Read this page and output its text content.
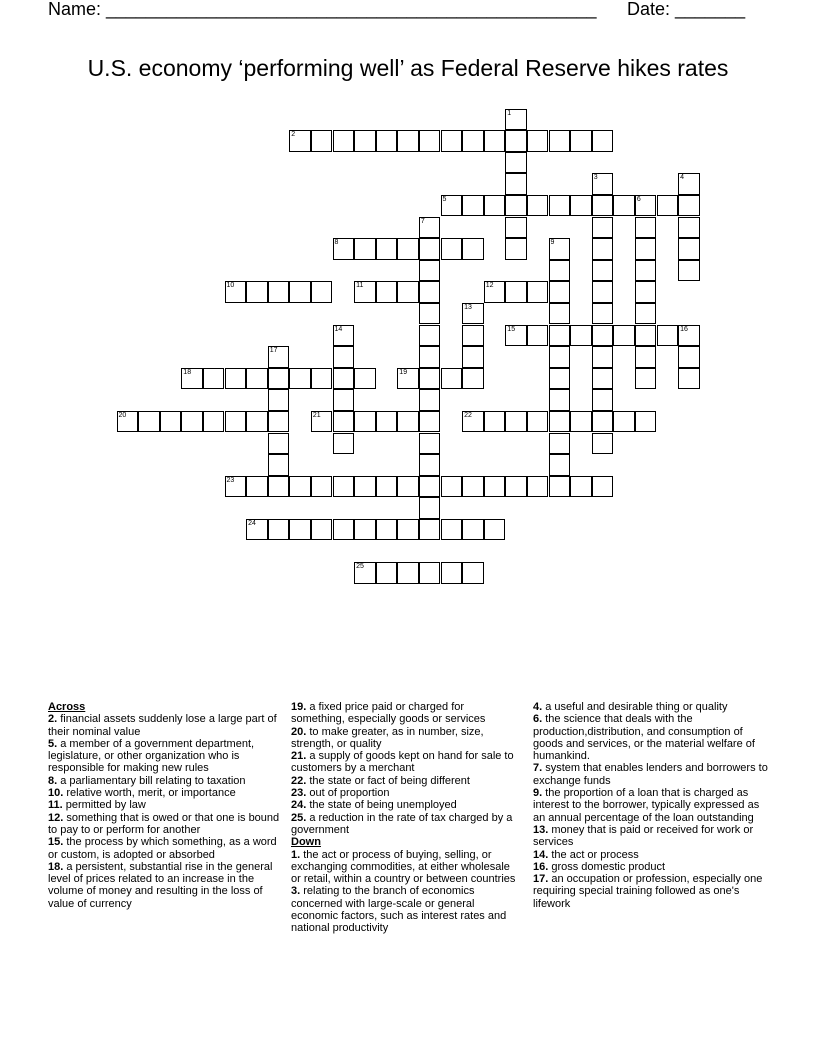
Name: _________________________________________________ Date: _______
U.S. economy ‘performing well’ as Federal Reserve hikes rates
1
2
3	4
5	6
7
8	9
10	11	12
13
14	15	16
17
18	19
20	21	22
23
24
25
Across
2. financial assets suddenly lose a large part of their nominal value
5. a member of a government department, legislature, or other organization who is responsible for making new rules
8. a parliamentary bill relating to taxation
10. relative worth, merit, or importance
11. permitted by law
12. something that is owed or that one is bound to pay to or perform for another
15. the process by which something, as a word or custom, is adopted or absorbed
18. a persistent, substantial rise in the general level of prices related to an increase in the volume of money and resulting in the loss of value of currency
19. a fixed price paid or charged for something, especially goods or services
20. to make greater, as in number, size, strength, or quality
21. a supply of goods kept on hand for sale to customers by a merchant
22. the state or fact of being different
23. out of proportion
24. the state of being unemployed
25. a reduction in the rate of tax charged by a government
Down
1. the act or process of buying, selling, or exchanging commodities, at either wholesale or retail, within a country or between countries
3. relating to the branch of economics concerned with large-scale or general economic factors, such as interest rates and national productivity
4. a useful and desirable thing or quality
6. the science that deals with the production,distribution, and consumption of goods and services, or the material welfare of humankind.
7. system that enables lenders and borrowers to exchange funds
9. the proportion of a loan that is charged as interest to the borrower, typically expressed as an annual percentage of the loan outstanding
13. money that is paid or received for work or services
14. the act or process
16. gross domestic product
17. an occupation or profession, especially one requiring special training followed as one's lifework
